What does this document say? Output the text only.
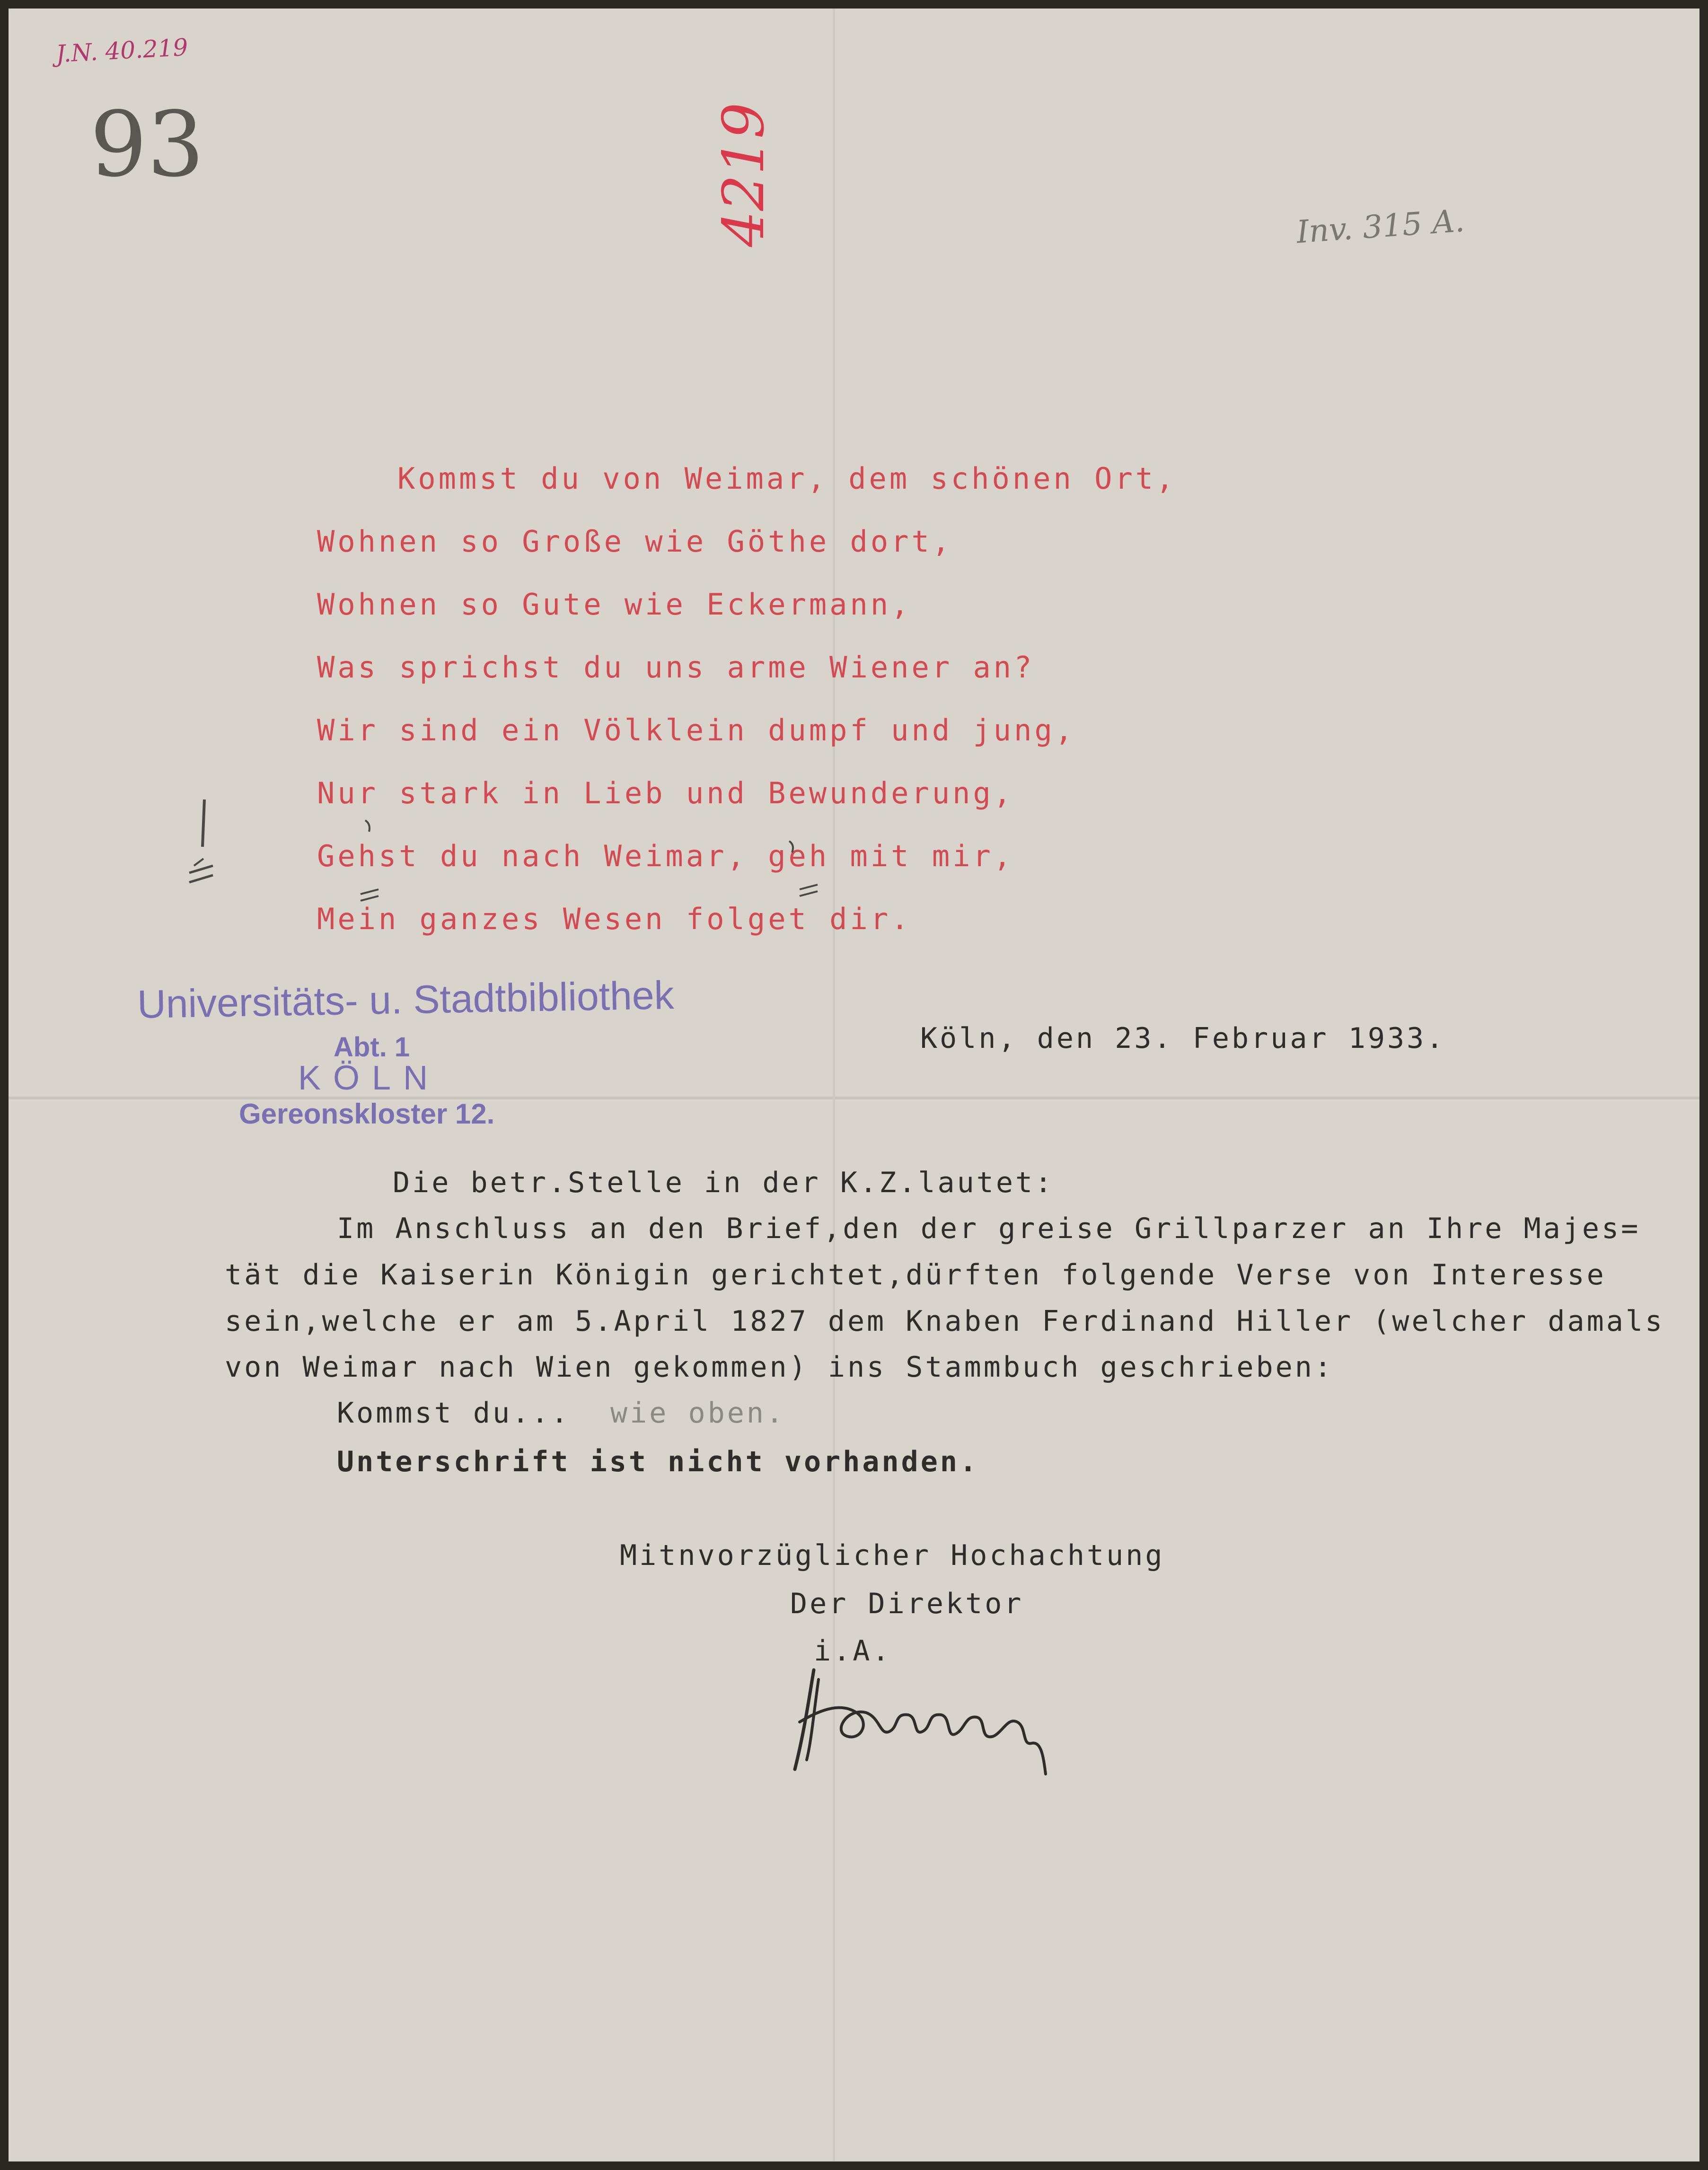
J.N. 40.219
93	4219	Inv. 315 A.
Kommst du von Weimar, dem schönen Ort,
Wohnen so Große wie Göthe dort,
Wohnen so Gute wie Eckermann,
Was sprichst du uns arme Wiener an?
Wir sind ein Völklein dumpf und jung,
Nur stark in Lieb und Bewunderung,
Gehst du nach Weimar, geh mit mir,
Mein ganzes Wesen folget dir.
Universitäts- u. Stadtbibliothek
Abt. 1
KÖLN
Gereonskloster 12.
Köln, den 23. Februar 1933.
Die betr.Stelle in der K.Z.lautet:
Im Anschluss an den Brief,den der greise Grillparzer an Ihre Majes=
tät die Kaiserin Königin gerichtet,dürften folgende Verse von Interesse
sein,welche er am 5.April 1827 dem Knaben Ferdinand Hiller (welcher damals
von Weimar nach Wien gekommen) ins Stammbuch geschrieben:
Kommst du... wie oben.
Unterschrift ist nicht vorhanden.
Mitnvorzüglicher Hochachtung
Der Direktor
i.A.
